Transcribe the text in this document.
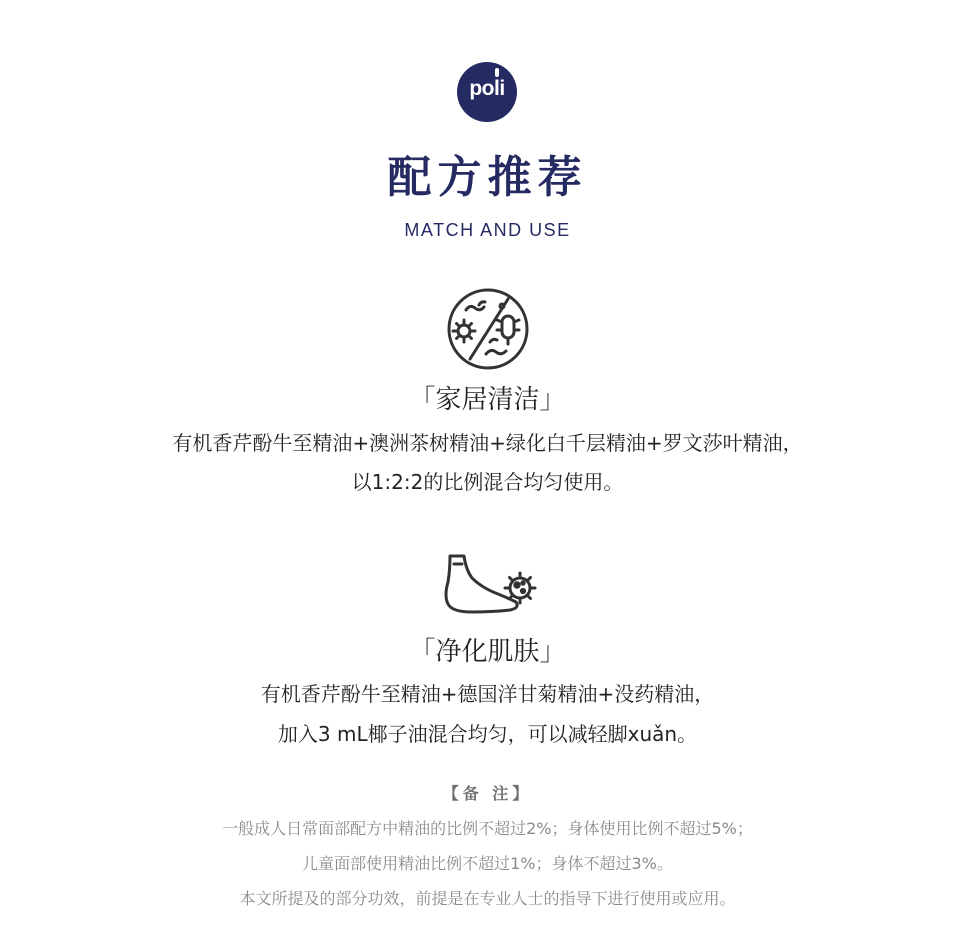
poli
配方推荐
MATCH AND USE
「家居清洁」
有机香芹酚牛至精油+澳洲茶树精油+绿化白千层精油+罗文莎叶精油，
以1:2:2的比例混合均匀使用。
「净化肌肤」
有机香芹酚牛至精油+德国洋甘菊精油+没药精油，
加入3 mL椰子油混合均匀，可以减轻脚xuǎn。
【备 注】
一般成人日常面部配方中精油的比例不超过2%；身体使用比例不超过5%；
儿童面部使用精油比例不超过1%；身体不超过3%。
本文所提及的部分功效，前提是在专业人士的指导下进行使用或应用。
